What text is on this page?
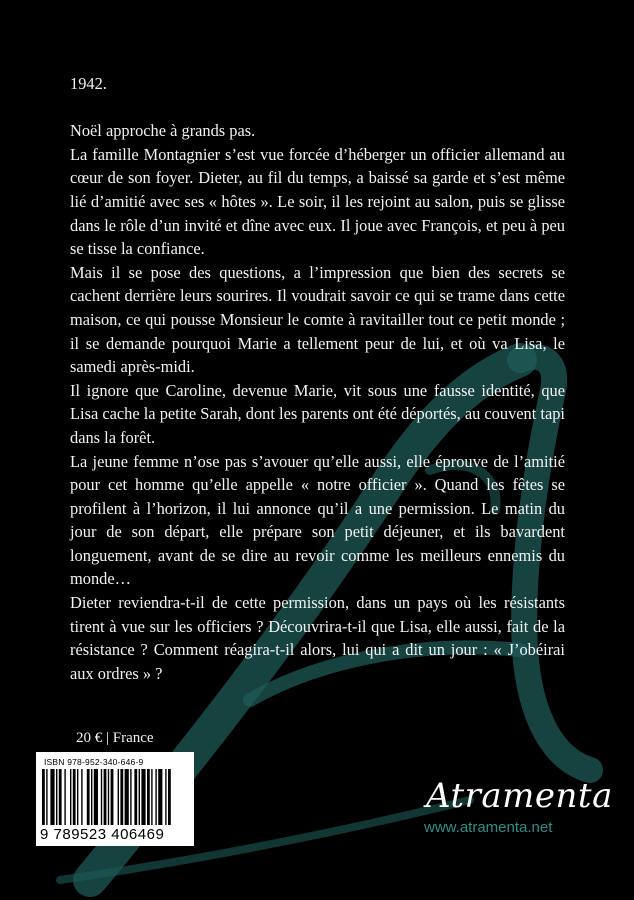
1942.

Noël approche à grands pas.

La famille Montagnier s’est vue forcée d’héberger un officier allemand au cœur de son foyer. Dieter, au fil du temps, a baissé sa garde et s’est même lié d’amitié avec ses « hôtes ». Le soir, il les rejoint au salon, puis se glisse dans le rôle d’un invité et dîne avec eux. Il joue avec François, et peu à peu se tisse la confiance.

Mais il se pose des questions, a l’impression que bien des secrets se cachent derrière leurs sourires. Il voudrait savoir ce qui se trame dans cette maison, ce qui pousse Monsieur le comte à ravitailler tout ce petit monde ; il se demande pourquoi Marie a tellement peur de lui, et où va Lisa, le samedi après-midi.

Il ignore que Caroline, devenue Marie, vit sous une fausse identité, que Lisa cache la petite Sarah, dont les parents ont été déportés, au couvent tapi dans la forêt.

La jeune femme n’ose pas s’avouer qu’elle aussi, elle éprouve de l’amitié pour cet homme qu’elle appelle « notre officier ». Quand les fêtes se profilent à l’horizon, il lui annonce qu’il a une permission. Le matin du jour de son départ, elle prépare son petit déjeuner, et ils bavardent longuement, avant de se dire au revoir comme les meilleurs ennemis du monde…

Dieter reviendra-t-il de cette permission, dans un pays où les résistants tirent à vue sur les officiers ? Découvrira-t-il que Lisa, elle aussi, fait de la résistance ? Comment réagira-t-il alors, lui qui a dit un jour : « J’obéirai aux ordres » ?

20 € | France
ISBN 978-952-340-646-9
9 789523 406469
Atramenta
www.atramenta.net
